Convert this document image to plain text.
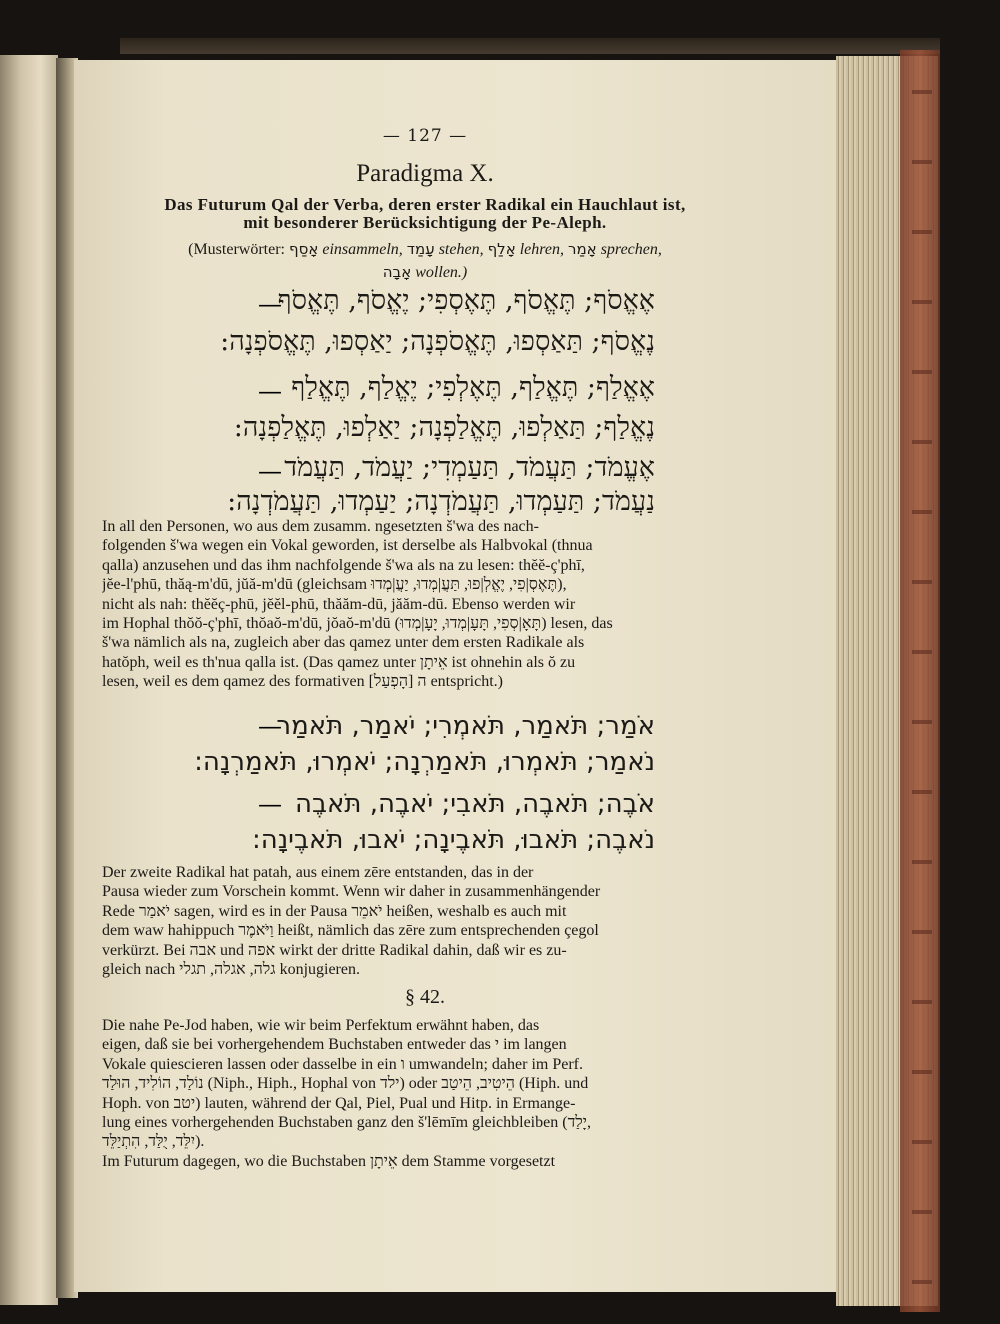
— 127 —
Paradigma X.
Das Futurum Qal der Verba, deren erster Radikal ein Hauchlaut ist,
mit besonderer Berücksichtigung der Pe-Aleph.
(Musterwörter: אָסַף einsammeln, עָמַד stehen, אָלַף lehren, אָמַר sprechen,
אָבָה wollen.)
אֶאֱסֹף; תֶּאֱסֹף, תֶּאֶסְפִי; יֶאֱסֹף, תֶּאֱסֹף
—
נֶאֱסֹף; תַּאַסְפוּ, תֶּאֱסֹפְנָה; יַאַסְפוּ, תֶּאֱסֹפְנָה:
אֶאֱלַף; תֶּאֱלַף, תֶּאֶלְפִי; יֶאֱלַף, תֶּאֱלַף
—
נֶאֱלַף; תַּאַלְפוּ, תֶּאֱלַפְנָה; יַאַלְפוּ, תֶּאֱלַפְנָה:
אֶעֱמֹד; תַּעֲמֹד, תַּעַמְדִי; יַעֲמֹד, תַּעֲמֹד
—
נַעֲמֹד; תַּעַמְדוּ, תַּעֲמֹדְנָה; יַעַמְדוּ, תַּעֲמֹדְנָה:
In all den Personen, wo aus dem zusamm. ngesetzten š'wa des nach-
folgenden š'wa wegen ein Vokal geworden, ist derselbe als Halbvokal (thnua
qalla) anzusehen und das ihm nachfolgende š'wa als na zu lesen: thĕĕ-ç'phī,
jĕe-l'phū, thăą-m'dū, jŭă-m'dū (gleichsam תֶּאֶסְ|פִי, יֶאֱלְ|פוּ, תַּעֲ|מְדוּ, יַעֲ|מְדוּ),
nicht als nah: thĕĕç-phū, jĕĕl-phū, thăăm-dū, jăăm-dū. Ebenso werden wir
im Hophal thŏŏ-ç'phī, thŏaŏ-m'dū, jŏaŏ-m'dū (תָּאָ|סְפִי, תָּעָ|מְדוּ, יָעָ|מְדוּ) lesen, das
š'wa nämlich als na, zugleich aber das qamez unter dem ersten Radikale als
hatŏph, weil es th'nua qalla ist. (Das qamez unter אֵיתָן ist ohnehin als ŏ zu
lesen, weil es dem qamez des formativen ה [הָפְעַל] entspricht.)
אֹמַר; תֹּאמַר, תֹּאמְרִי; יֹאמַר, תֹּאמַר
—
נֹאמַר; תֹּאמְרוּ, תֹּאמַרְנָה; יֹאמְרוּ, תֹּאמַרְנָה:
אֹבֶה; תֹּאבֶה, תֹּאבִי; יֹאבֶה, תֹּאבֶה
—
נֹאבֶה; תֹּאבוּ, תֹּאבֶינָה; יֹאבוּ, תֹּאבֶינָה:
Der zweite Radikal hat patah, aus einem zēre entstanden, das in der
Pausa wieder zum Vorschein kommt. Wenn wir daher in zusammenhängender
Rede יֹאמַר sagen, wird es in der Pausa יֹאמֵר heißen, weshalb es auch mit
dem waw hahippuch וַיֹּאמֶר heißt, nämlich das zēre zum entsprechenden çegol
verkürzt. Bei אבה und אפה wirkt der dritte Radikal dahin, daß wir es zu-
gleich nach גלה, אגלה, תגלי konjugieren.
§ 42.
Die nahe Pe-Jod haben, wie wir beim Perfektum erwähnt haben, das
eigen, daß sie bei vorhergehendem Buchstaben entweder das י im langen
Vokale quiescieren lassen oder dasselbe in ein ו umwandeln; daher im Perf.
נוֹלַד, הוֹלִיד, הוּלַד (Niph., Hiph., Hophal von ילד) oder הֵיטִיב, הֵיטַב (Hiph. und
Hoph. von יטב) lauten, während der Qal, Piel, Pual und Hitp. in Ermange-
lung eines vorhergehenden Buchstaben ganz den š'lēmīm gleichbleiben (יָלַד,
יִלֵּד, יֻלַּד, הִתְיַלֵּד).
Im Futurum dagegen, wo die Buchstaben אֵיתָן dem Stamme vorgesetzt
